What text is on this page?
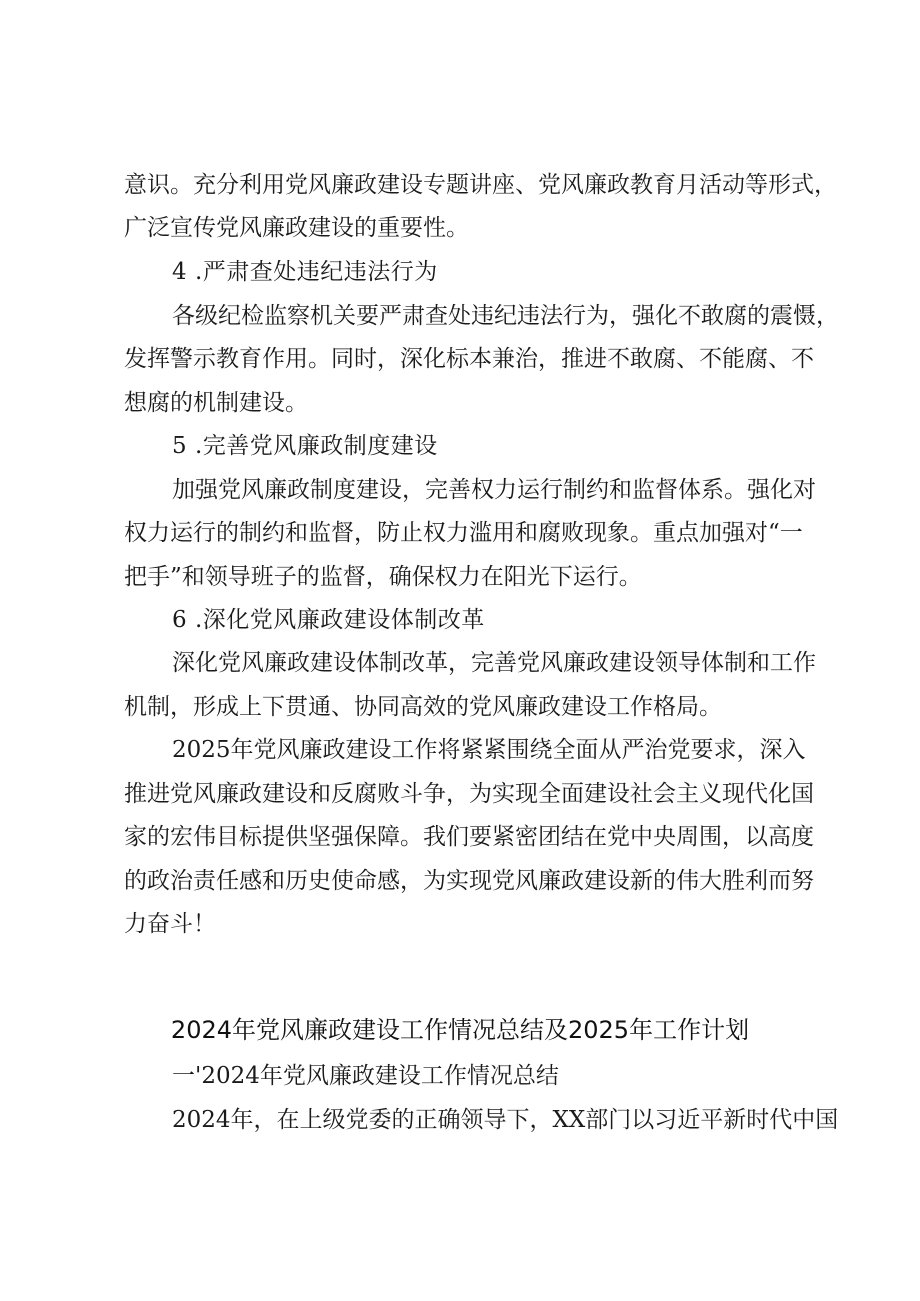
意识。充分利用党风廉政建设专题讲座、党风廉政教育月活动等形式，
广泛宣传党风廉政建设的重要性。
4 .严肃查处违纪违法行为
各级纪检监察机关要严肃查处违纪违法行为，强化不敢腐的震慑，
发挥警示教育作用。同时，深化标本兼治，推进不敢腐、不能腐、不
想腐的机制建设。
5 .完善党风廉政制度建设
加强党风廉政制度建设，完善权力运行制约和监督体系。强化对
权力运行的制约和监督，防止权力滥用和腐败现象。重点加强对“一
把手”和领导班子的监督，确保权力在阳光下运行。
6 .深化党风廉政建设体制改革
深化党风廉政建设体制改革，完善党风廉政建设领导体制和工作
机制，形成上下贯通、协同高效的党风廉政建设工作格局。
2025年党风廉政建设工作将紧紧围绕全面从严治党要求，深入
推进党风廉政建设和反腐败斗争，为实现全面建设社会主义现代化国
家的宏伟目标提供坚强保障。我们要紧密团结在党中央周围，以高度
的政治责任感和历史使命感，为实现党风廉政建设新的伟大胜利而努
力奋斗！
2024年党风廉政建设工作情况总结及2025年工作计划
一'2024年党风廉政建设工作情况总结
2024年，在上级党委的正确领导下，XX部门以习近平新时代中国
